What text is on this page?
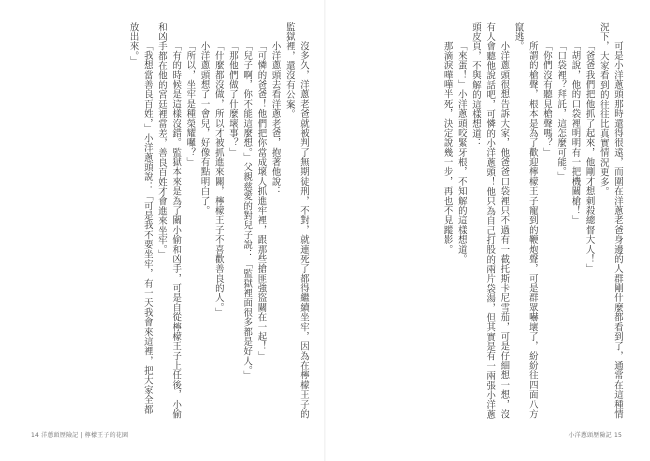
可是小洋蔥頭那時還得很遠，而圍在洋蔥老爸身邊的人群剛什麼都看到了，通常在這種情況下，大家看到的往往比真實情況更多。

「爸爸我們把他抓了起來，他剛才想刺殺總督大人！」

「胡說，他的口袋裡明明有一把機關槍！」

「口袋裡？拜託，這怎麼可能。」

「你們沒有聽見槍聲嗎？」

所謂的槍聲，根本是為了歡迎檸檬王子寵到的鞭炮聲，可是群眾嚇壞了，紛紛往四面八方竄逃。

小洋蔥頭很想告訴大家，他爸爸口袋裡只不過有一截托斯卡尼雪茄，可是仔細想一想，沒有人會聽他說話吧，可憐的小洋蔥頭！他只為自己打股的兩片袋湯，但其實是有一兩張小洋蔥頭皮頁，不與解的這樣想道：

「來蛋！」小洋蔥頭咬緊牙根，不知解的這樣想道。

那滴淚嘩嘩半死，決定說幾一步，再也不見蹤影。

沒多久，洋蔥老爸就被判了無期徒刑，不對，就連死了都得繼續坐牢，因為在檸檬王子的監獄裡，還沒有公案。

小洋蔥頭去看洋蔥老爸，抱著他說：

「可憐的爸爸！他們把你當成壞人抓進牢裡，跟那些搶匪強盜關在一起！」

「兒子啊，你不能這麼想。」父親慈愛的對兒子說：「監獄裡面很多都是好人。」

「那他們做了什麼壞事？」

「什麼都沒做，所以才被抓進來關，檸檬王子不喜歡善良的人。」

小洋蔥頭想了一會兒，好像有點明白了。

「所以，坐牢是種榮耀囉？」

「有的時候是這樣沒錯。監獄本來是為了關小偷和凶手，可是自從檸檬王子上任後，小偷和凶手都在他的宮廷裡當差，善良百姓才會進來坐牢。」

「我想當善良百姓，」小洋蔥頭說：「可是我不要坐牢，有一天我會來這裡，把大家全都放出來。」

14 洋蔥頭歷險記 | 檸檬王子的花園	小洋蔥頭歷險記 15
